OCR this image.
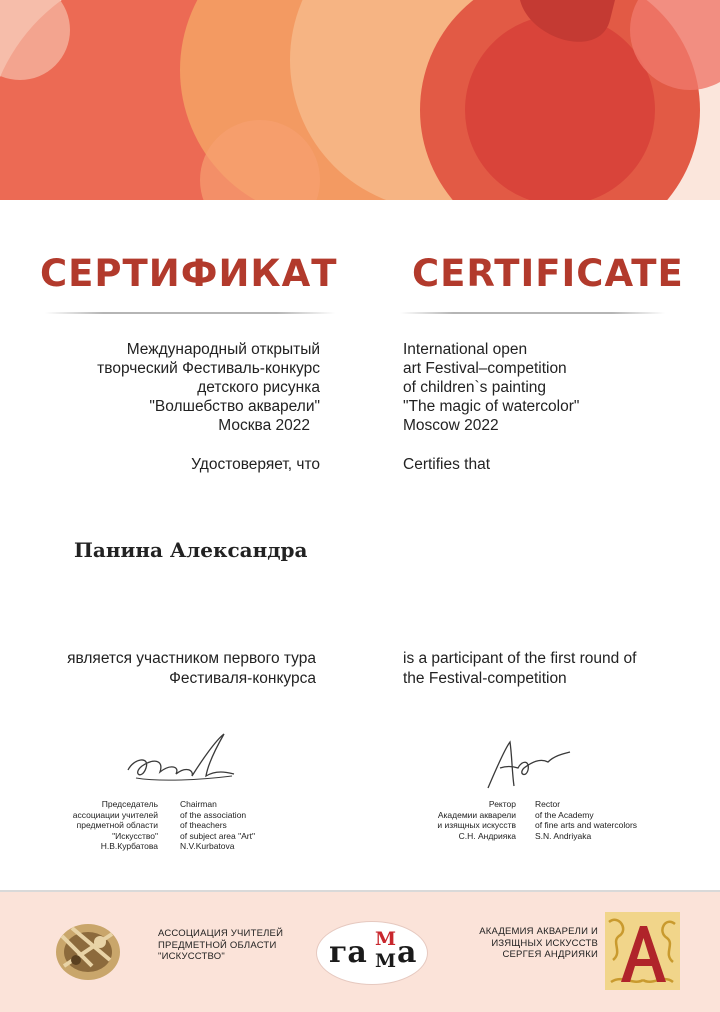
СЕРТИФИКАТ CERTIFICATE
Международный открытый
творческий Фестиваль-конкурс
детского рисунка
"Волшебство акварели"
Москва 2022
International open
art Festival–competition
of children`s painting
"The magic of watercolor"
Moscow 2022
Удостоверяет, что	Certifies that
Панина Александра
является участником первого тура
Фестиваля-конкурса
is a participant of the first round of
the Festival-competition
Председатель
ассоциации учителей
предметной области
"Искусство"
Н.В.Курбатова
Chairman
of the association
of theachers
of subject area "Art"
N.V.Kurbatova
Ректор
Академии акварели
и изящных искусств
С.Н. Андрияка
Rector
of the Academy
of fine arts and watercolors
S.N. Andriyaka
АССОЦИАЦИЯ УЧИТЕЛЕЙ
ПРЕДМЕТНОЙ ОБЛАСТИ
"ИСКУССТВО"	га М
М а
АКАДЕМИЯ АКВАРЕЛИ И
ИЗЯЩНЫХ ИСКУССТВ
СЕРГЕЯ АНДРИЯКИ
